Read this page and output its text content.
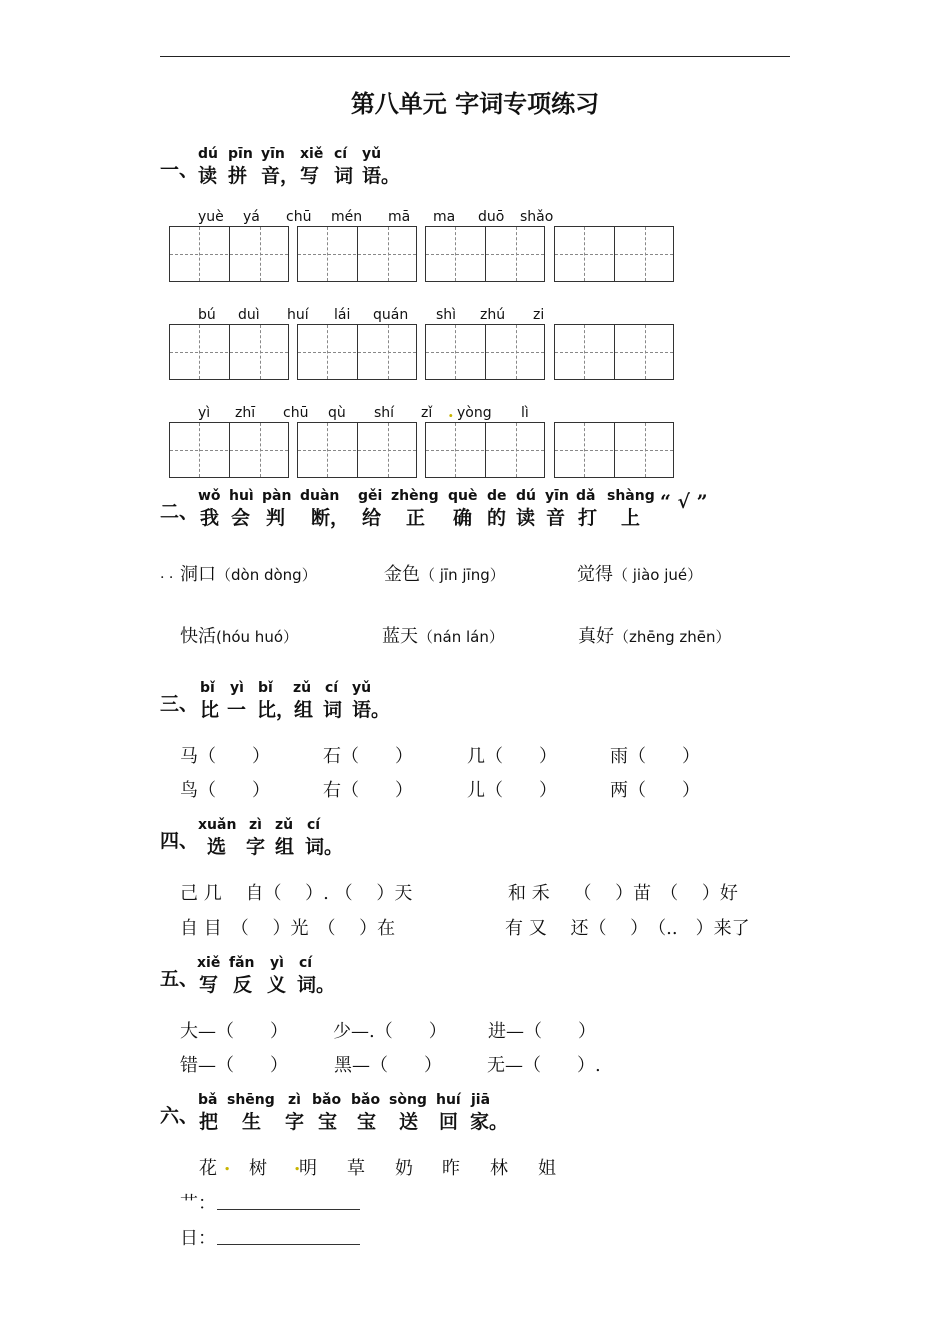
第八单元 字词专项练习
一、
dú pīn yīn xiě cí yǔ
读 拼 音， 写 词 语。
yuè yá chū mén mā ma duō shǎo
bú duì huí lái quán shì zhú zi
yì zhī chū qù shí zǐ . yòng lì
二、
wǒ huì pàn duàn gěi zhèng què de dú yīn dǎ shàng
我 会 判 断， 给 正 确 的 读 音 打 上
“ √ ”
. . 洞口（dòn dòng）	金色（ jīn jīng）	觉得（ jiào jué）
快活(hóu huó）	蓝天（nán lán）	真好（zhēng zhēn）
三、
bǐ yì bǐ zǔ cí yǔ
比 一 比，
组 词 语。
马（　　）	石（　　）	几（　　）	雨（　　）
鸟（　　）	右（　　）	儿（　　）	两（　　）
四、
xuǎn zì zǔ cí
选 字 组 词。
己 几　 自（　 ）. （　 ）天	和 禾　 （　 ）苗　（　 ）好
自 目　（　 ）光　（　 ）在	有 又　 还（　 ）　（..　）来了
五、
xiě fǎn yì cí
写 反 义 词。
大—（　　）	少—.（　　） 进—（　　）
错—（　　）	黑—（　　）	无—（　　）.
六、
bǎ shēng zì bǎo bǎo sòng huí jiā
把 生 字 宝 宝 送 回 家。
花 . 树 .
明 草 奶 昨 林 姐
艹：
日：
